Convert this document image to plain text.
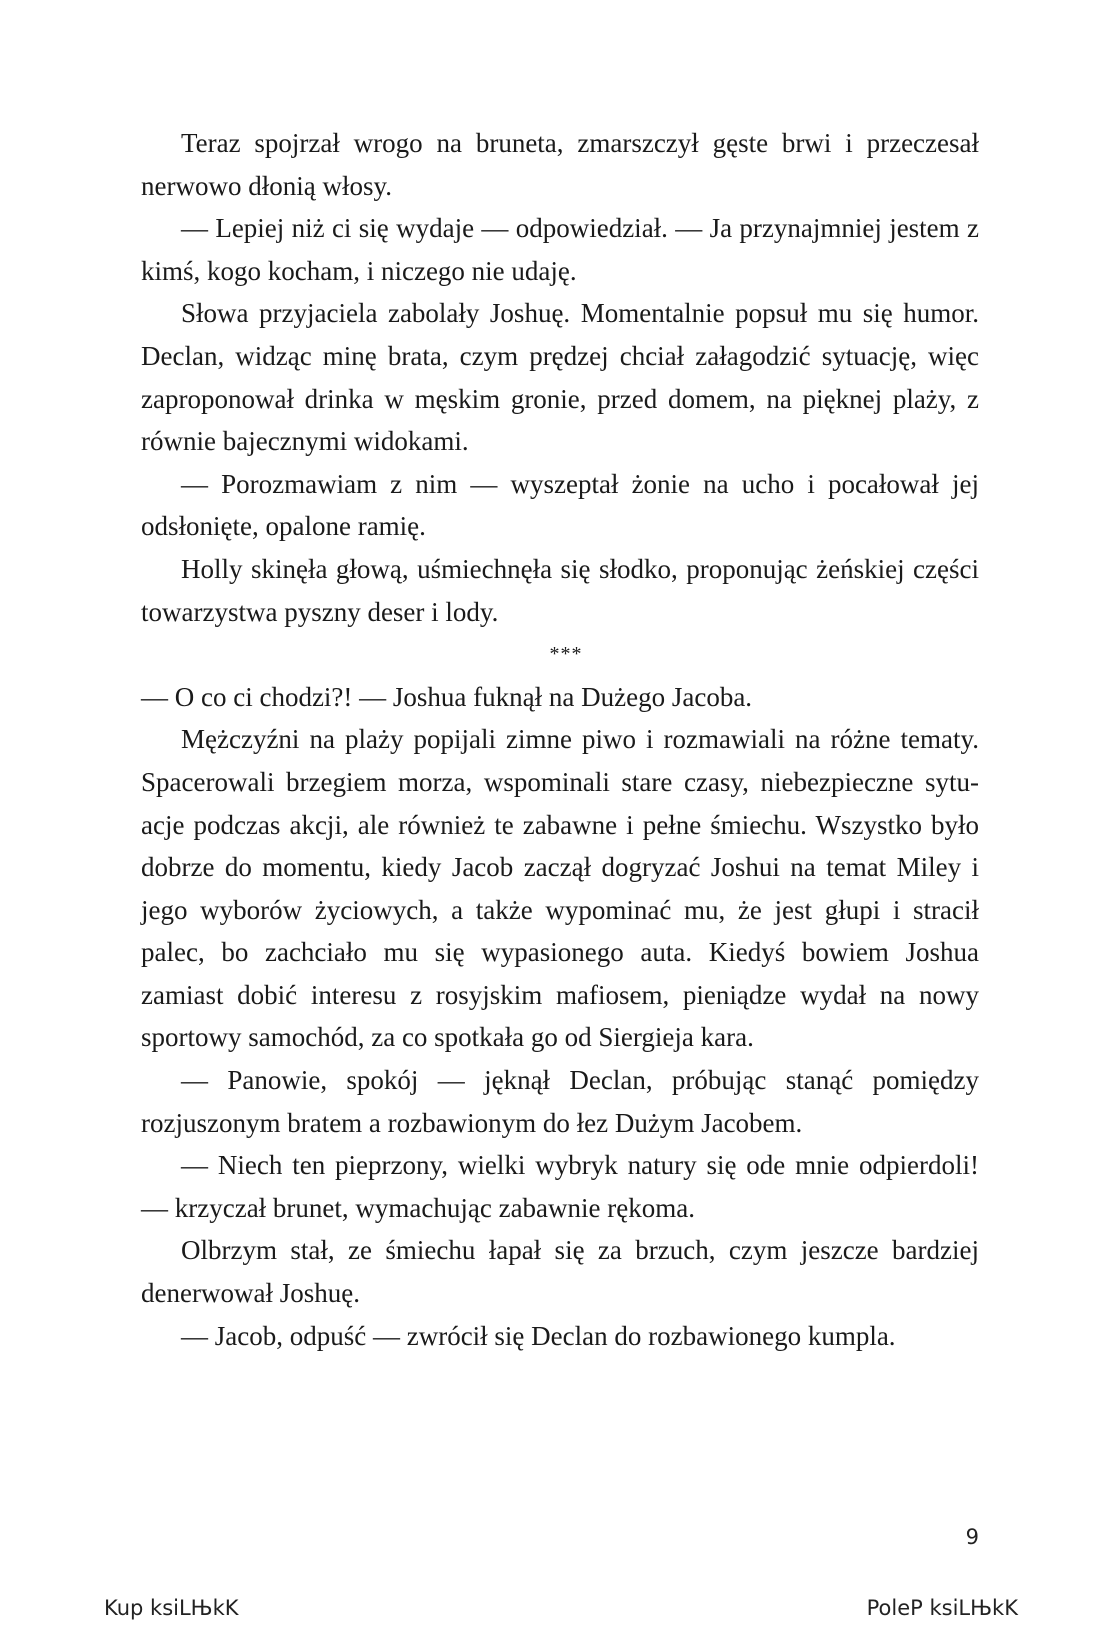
Teraz spojrzał wrogo na bruneta, zmarszczył gęste brwi i przeczesał nerwowo dłonią włosy.

— Lepiej niż ci się wydaje — odpowiedział. — Ja przynajmniej jestem z kimś, kogo kocham, i niczego nie udaję.

Słowa przyjaciela zabolały Joshuę. Momentalnie popsuł mu się humor. Declan, widząc minę brata, czym prędzej chciał załagodzić sytuację, więc zaproponował drinka w męskim gronie, przed domem, na pięknej plaży, z równie bajecznymi widokami.

— Porozmawiam z nim — wyszeptał żonie na ucho i pocałował jej odsłonięte, opalone ramię.

Holly skinęła głową, uśmiechnęła się słodko, proponując żeńskiej części towarzystwa pyszny deser i lody.

***

— O co ci chodzi?! — Joshua fuknął na Dużego Jacoba.

Mężczyźni na plaży popijali zimne piwo i rozmawiali na różne tematy. Spacerowali brzegiem morza, wspominali stare czasy, niebezpieczne sytuacje podczas akcji, ale również te zabawne i pełne śmiechu. Wszystko było dobrze do momentu, kiedy Jacob zaczął dogryzać Joshui na temat Miley i jego wyborów życiowych, a także wypominać mu, że jest głupi i stracił palec, bo zachciało mu się wypasionego auta. Kiedyś bowiem Joshua zamiast dobić interesu z rosyjskim mafiosem, pieniądze wydał na nowy sportowy samochód, za co spotkała go od Siergieja kara.

— Panowie, spokój — jęknął Declan, próbując stanąć pomiędzy rozjuszonym bratem a rozbawionym do łez Dużym Jacobem.

— Niech ten pieprzony, wielki wybryk natury się ode mnie odpierdoli! — krzyczał brunet, wymachując zabawnie rękoma.

Olbrzym stał, ze śmiechu łapał się za brzuch, czym jeszcze bardziej denerwował Joshuę.

— Jacob, odpuść — zwrócił się Declan do rozbawionego kumpla.

9
Kup ksiLЊkK	PoleP ksiLЊkK
